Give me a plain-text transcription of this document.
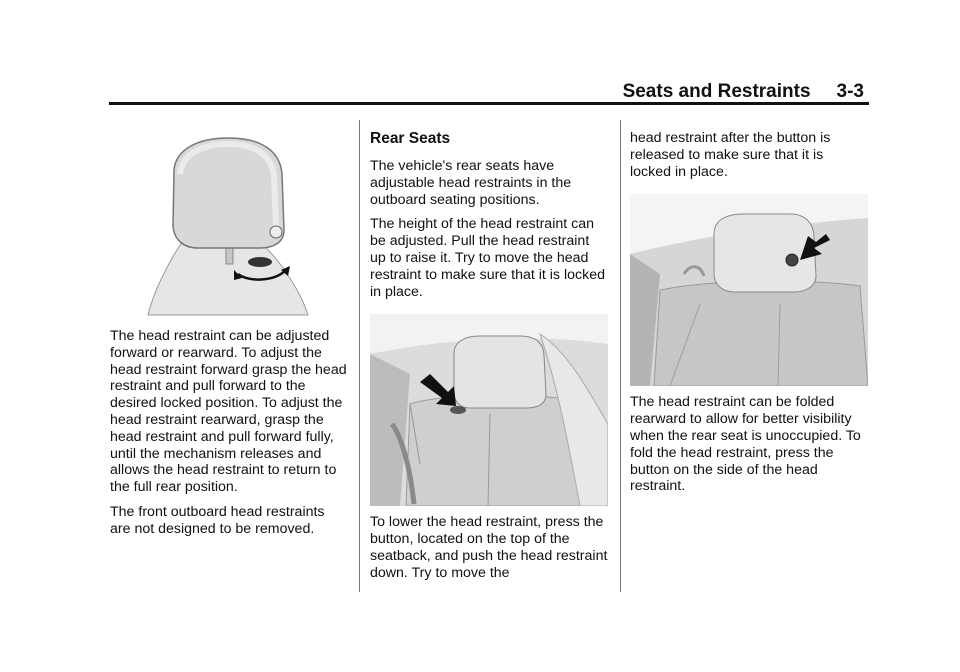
Seats and Restraints 3-3

The head restraint can be adjusted forward or rearward. To adjust the head restraint forward grasp the head restraint and pull forward to the desired locked position. To adjust the head restraint rearward, grasp the head restraint and pull forward fully, until the mechanism releases and allows the head restraint to return to the full rear position.

The front outboard head restraints are not designed to be removed.

Rear Seats

The vehicle's rear seats have adjustable head restraints in the outboard seating positions.

The height of the head restraint can be adjusted. Pull the head restraint up to raise it. Try to move the head restraint to make sure that it is locked in place.

To lower the head restraint, press the button, located on the top of the seatback, and push the head restraint down. Try to move the

head restraint after the button is released to make sure that it is locked in place.

The head restraint can be folded rearward to allow for better visibility when the rear seat is unoccupied. To fold the head restraint, press the button on the side of the head restraint.
